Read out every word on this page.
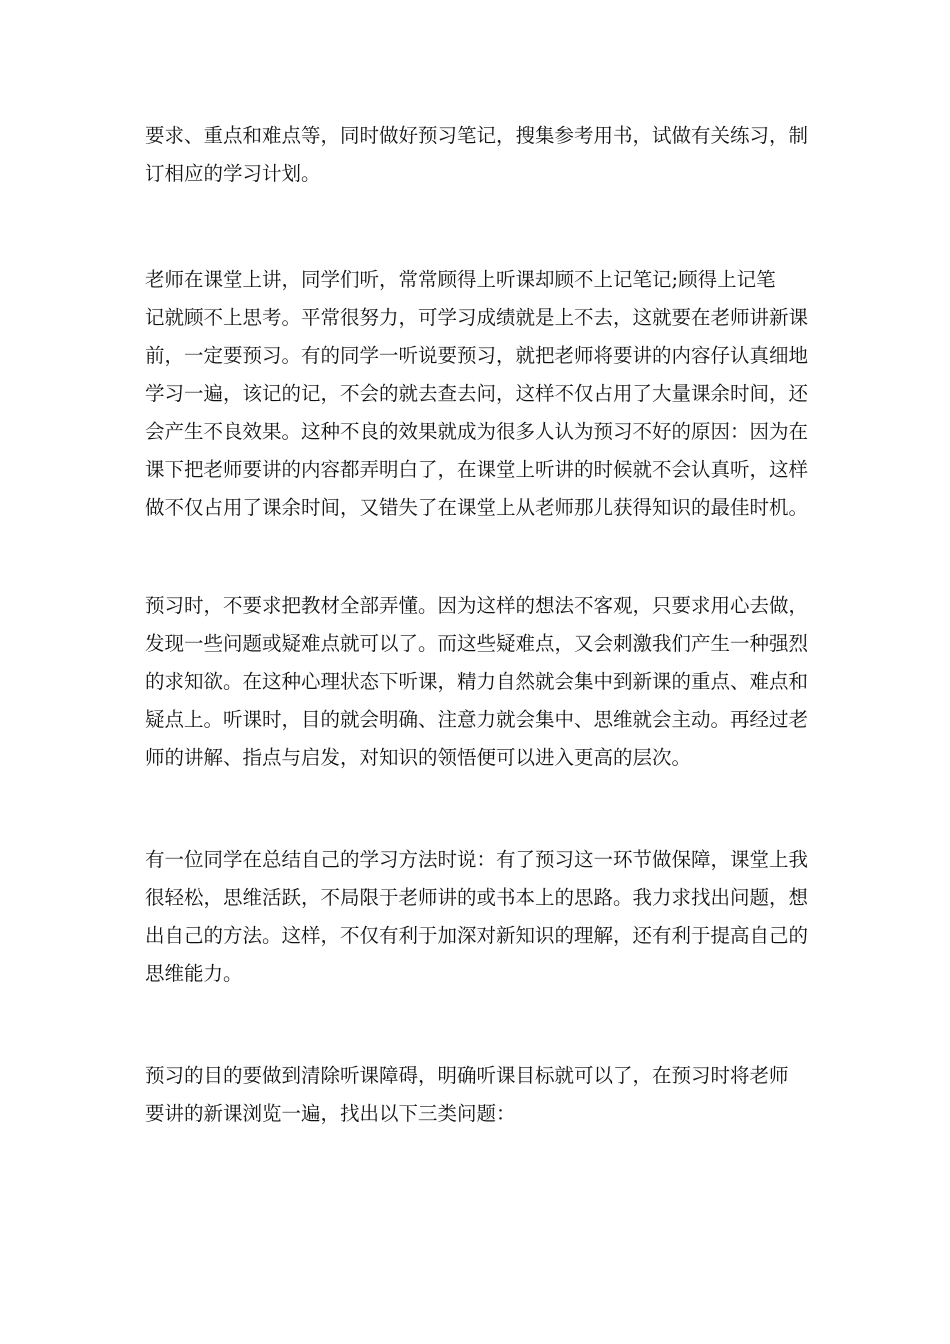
要求、重点和难点等，同时做好预习笔记，搜集参考用书，试做有关练习，制
订相应的学习计划。

老师在课堂上讲，同学们听，常常顾得上听课却顾不上记笔记;顾得上记笔
记就顾不上思考。平常很努力，可学习成绩就是上不去，这就要在老师讲新课
前，一定要预习。有的同学一听说要预习，就把老师将要讲的内容仔认真细地
学习一遍，该记的记，不会的就去查去问，这样不仅占用了大量课余时间，还
会产生不良效果。这种不良的效果就成为很多人认为预习不好的原因：因为在
课下把老师要讲的内容都弄明白了，在课堂上听讲的时候就不会认真听，这样
做不仅占用了课余时间，又错失了在课堂上从老师那儿获得知识的最佳时机。

预习时，不要求把教材全部弄懂。因为这样的想法不客观，只要求用心去做，
发现一些问题或疑难点就可以了。而这些疑难点，又会刺激我们产生一种强烈
的求知欲。在这种心理状态下听课，精力自然就会集中到新课的重点、难点和
疑点上。听课时，目的就会明确、注意力就会集中、思维就会主动。再经过老
师的讲解、指点与启发，对知识的领悟便可以进入更高的层次。

有一位同学在总结自己的学习方法时说：有了预习这一环节做保障，课堂上我
很轻松，思维活跃，不局限于老师讲的或书本上的思路。我力求找出问题，想
出自己的方法。这样，不仅有利于加深对新知识的理解，还有利于提高自己的
思维能力。

预习的目的要做到清除听课障碍，明确听课目标就可以了，在预习时将老师
要讲的新课浏览一遍，找出以下三类问题：
